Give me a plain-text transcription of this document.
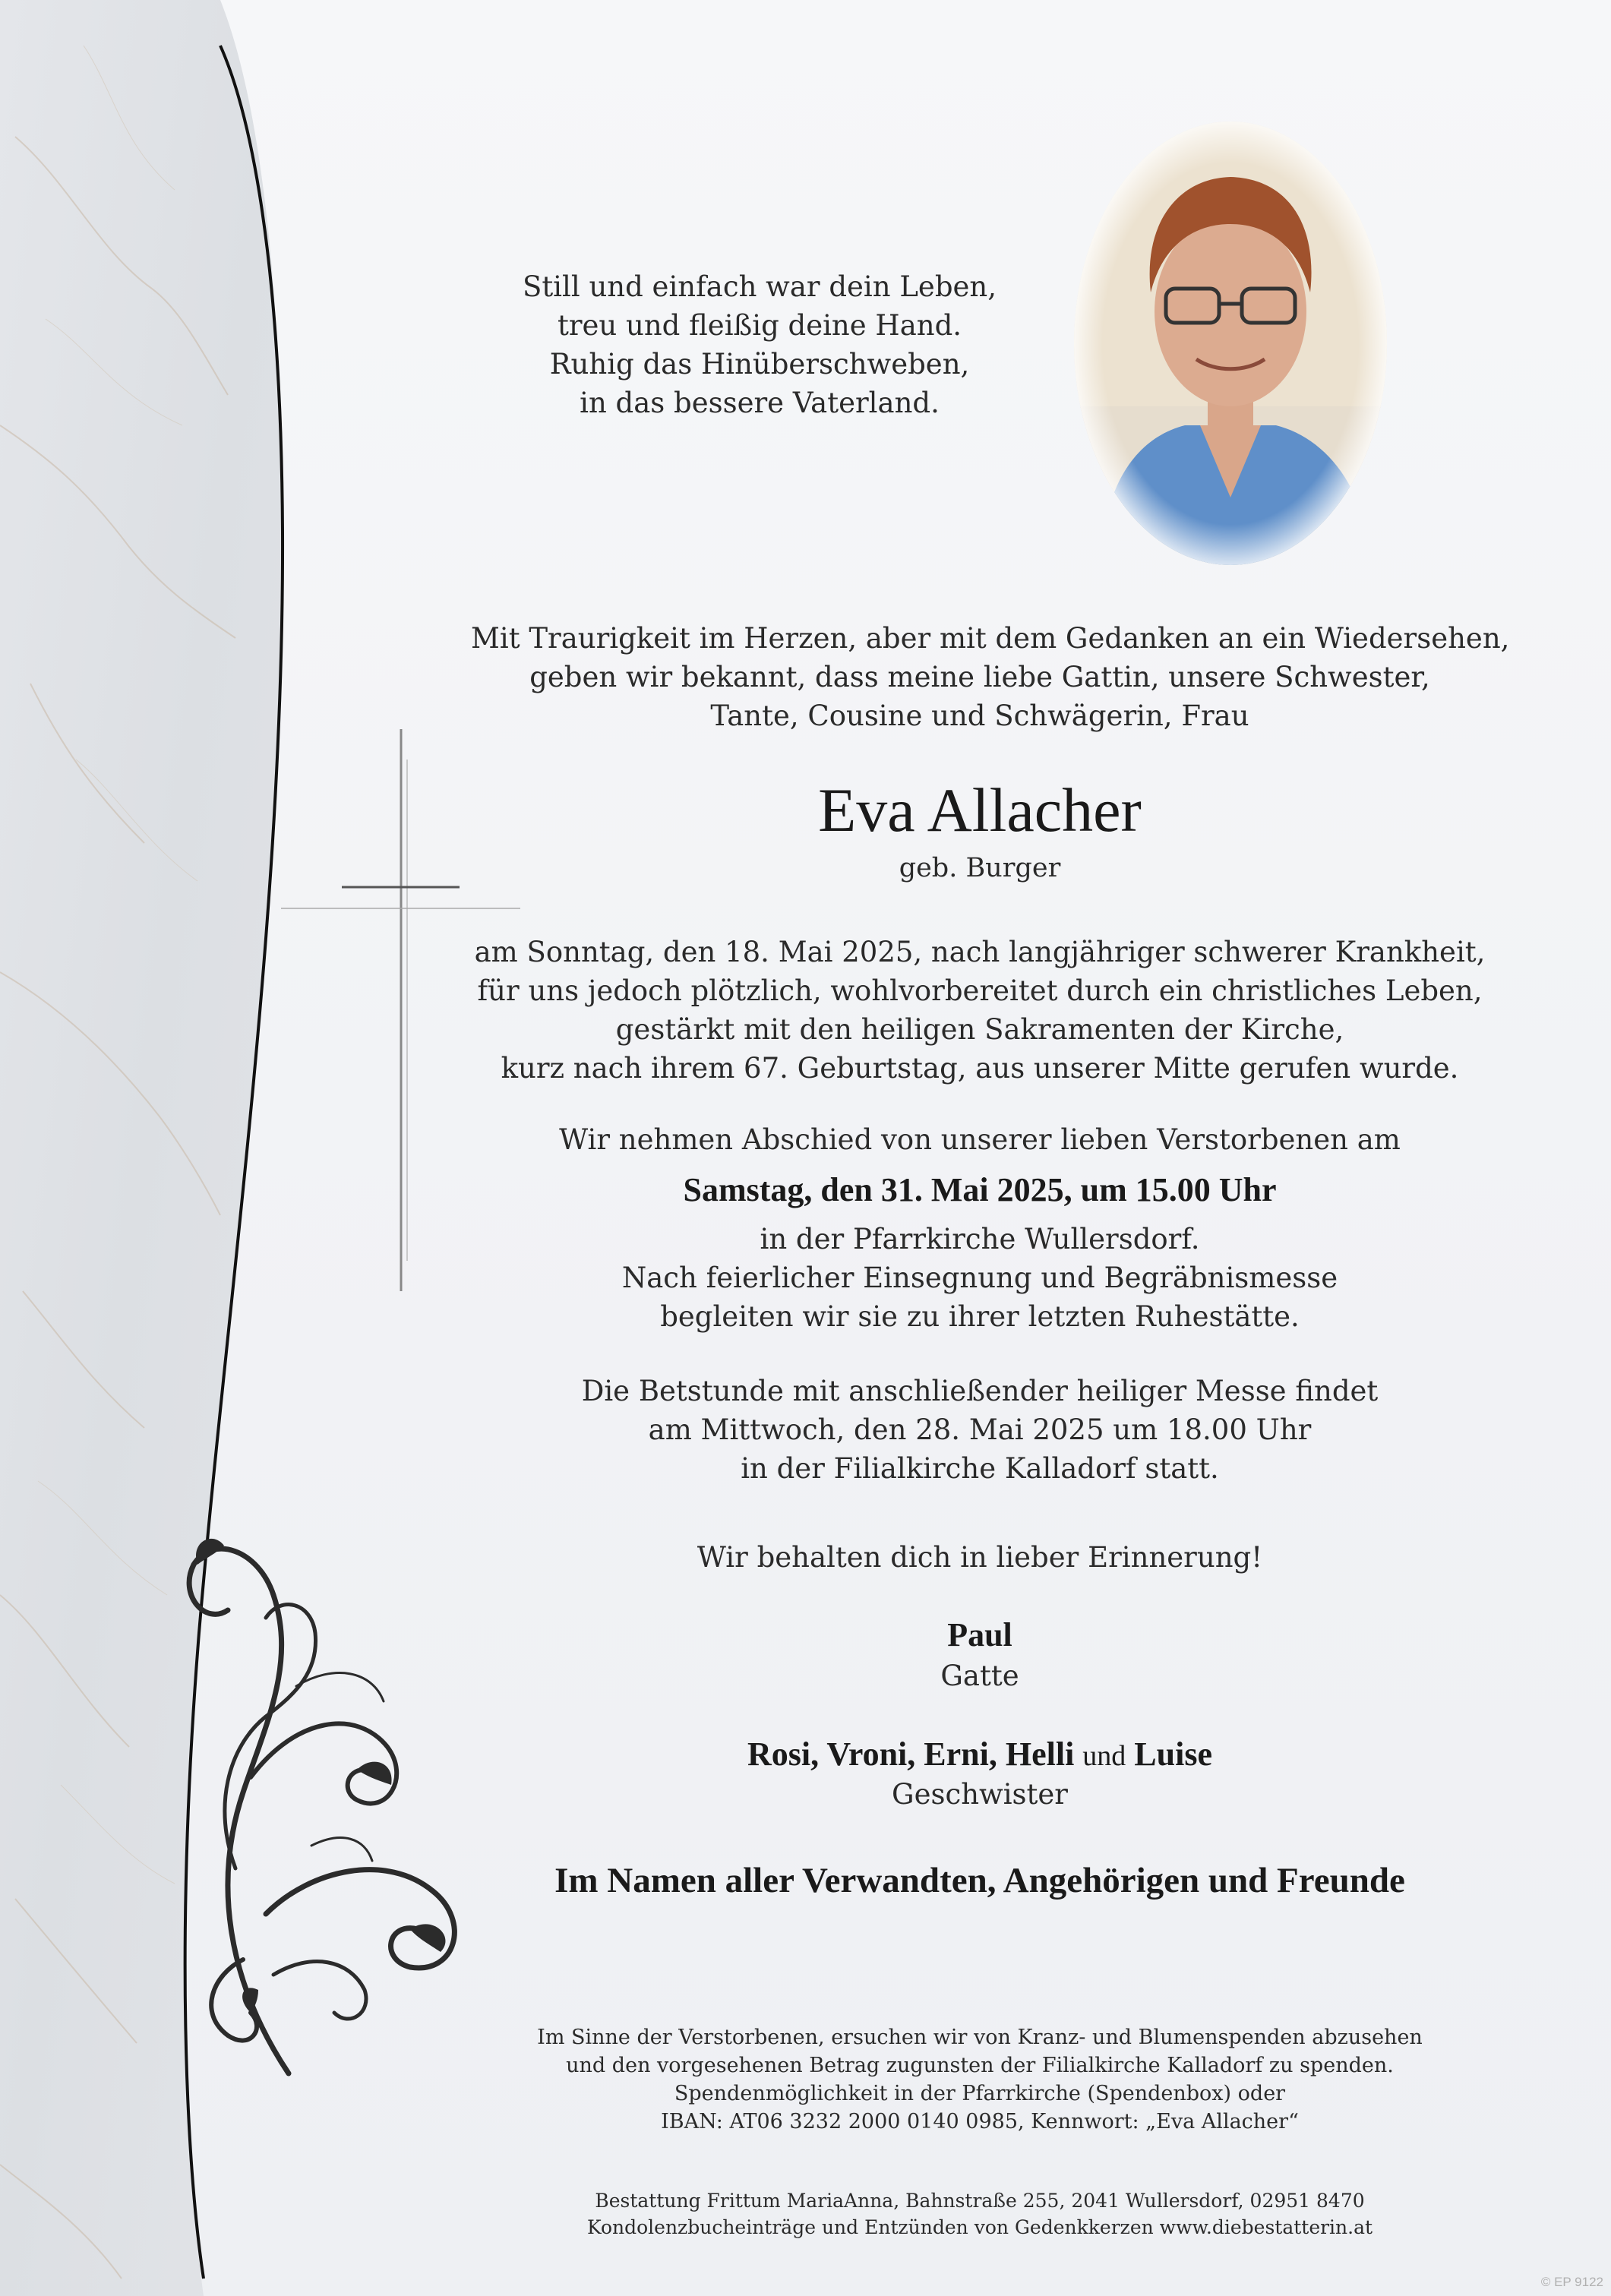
Still und einfach war dein Leben,
treu und fleißig deine Hand.
Ruhig das Hinüberschweben,
in das bessere Vaterland.
Mit Traurigkeit im Herzen, aber mit dem Gedanken an ein Wiedersehen,
geben wir bekannt, dass meine liebe Gattin, unsere Schwester,
Tante, Cousine und Schwägerin, Frau
Eva Allacher
geb. Burger
am Sonntag, den 18. Mai 2025, nach langjähriger schwerer Krankheit,
für uns jedoch plötzlich, wohlvorbereitet durch ein christliches Leben,
gestärkt mit den heiligen Sakramenten der Kirche,
kurz nach ihrem 67. Geburtstag, aus unserer Mitte gerufen wurde.
Wir nehmen Abschied von unserer lieben Verstorbenen am
Samstag, den 31. Mai 2025, um 15.00 Uhr
in der Pfarrkirche Wullersdorf.
Nach feierlicher Einsegnung und Begräbnismesse
begleiten wir sie zu ihrer letzten Ruhestätte.
Die Betstunde mit anschließender heiliger Messe findet
am Mittwoch, den 28. Mai 2025 um 18.00 Uhr
in der Filialkirche Kalladorf statt.
Wir behalten dich in lieber Erinnerung!
Paul
Gatte
Rosi, Vroni, Erni, Helli und Luise
Geschwister
Im Namen aller Verwandten, Angehörigen und Freunde
Im Sinne der Verstorbenen, ersuchen wir von Kranz- und Blumenspenden abzusehen
und den vorgesehenen Betrag zugunsten der Filialkirche Kalladorf zu spenden.
Spendenmöglichkeit in der Pfarrkirche (Spendenbox) oder
IBAN: AT06 3232 2000 0140 0985, Kennwort: „Eva Allacher“
Bestattung Frittum MariaAnna, Bahnstraße 255, 2041 Wullersdorf, 02951 8470
Kondolenzbucheinträge und Entzünden von Gedenkkerzen www.diebestatterin.at
© EP 9122
